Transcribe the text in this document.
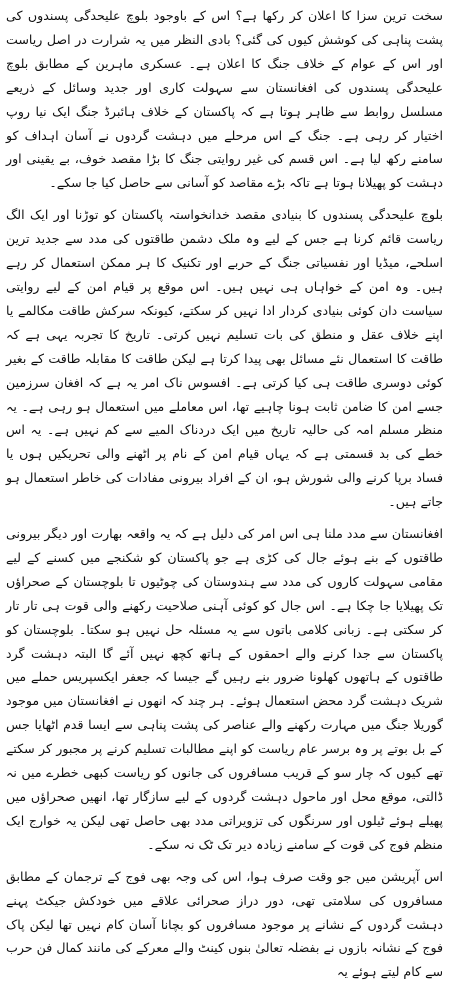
سخت ترین سزا کا اعلان کر رکھا ہے؟ اس کے باوجود بلوچ علیحدگی پسندوں کی پشت پناہی کی کوشش کیوں کی گئی؟ بادی النظر میں یہ شرارت در اصل ریاست اور اس کے عوام کے خلاف جنگ کا اعلان ہے۔ عسکری ماہرین کے مطابق بلوچ علیحدگی پسندوں کی افغانستان سے سہولت کاری اور جدید وسائل کے ذریعے مسلسل روابط سے ظاہر ہوتا ہے کہ پاکستان کے خلاف ہائبرڈ جنگ ایک نیا روپ اختیار کر رہی ہے۔ جنگ کے اس مرحلے میں دہشت گردوں نے آسان اہداف کو سامنے رکھ لیا ہے۔ اس قسم کی غیر روایتی جنگ کا بڑا مقصد خوف، بے یقینی اور دہشت کو پھیلانا ہوتا ہے تاکہ بڑے مقاصد کو آسانی سے حاصل کیا جا سکے۔

بلوچ علیحدگی پسندوں کا بنیادی مقصد خدانخواستہ پاکستان کو توڑنا اور ایک الگ ریاست قائم کرنا ہے جس کے لیے وہ ملک دشمن طاقتوں کی مدد سے جدید ترین اسلحے، میڈیا اور نفسیاتی جنگ کے حربے اور تکنیک کا ہر ممکن استعمال کر رہے ہیں۔ وہ امن کے خواہاں ہی نہیں ہیں۔ اس موقع پر قیام امن کے لیے روایتی سیاست دان کوئی بنیادی کردار ادا نہیں کر سکتے، کیونکہ سرکش طاقت مکالمے یا اپنے خلاف عقل و منطق کی بات تسلیم نہیں کرتی۔ تاریخ کا تجربہ یہی ہے کہ طاقت کا استعمال نئے مسائل بھی پیدا کرتا ہے لیکن طاقت کا مقابلہ طاقت کے بغیر کوئی دوسری طاقت ہی کیا کرتی ہے۔ افسوس ناک امر یہ ہے کہ افغان سرزمین جسے امن کا ضامن ثابت ہونا چاہیے تھا، اس معاملے میں استعمال ہو رہی ہے۔ یہ منظر مسلم امہ کی حالیہ تاریخ میں ایک دردناک المیے سے کم نہیں ہے۔ یہ اس خطے کی بد قسمتی ہے کہ یہاں قیام امن کے نام پر اٹھنے والی تحریکیں ہوں یا فساد برپا کرنے والی شورش ہو، ان کے افراد بیرونی مفادات کی خاطر استعمال ہو جاتے ہیں۔

افغانستان سے مدد ملنا ہی اس امر کی دلیل ہے کہ یہ واقعہ بھارت اور دیگر بیرونی طاقتوں کے بنے ہوئے جال کی کڑی ہے جو پاکستان کو شکنجے میں کسنے کے لیے مقامی سہولت کاروں کی مدد سے ہندوستان کی چوٹیوں تا بلوچستان کے صحراؤں تک پھیلایا جا چکا ہے۔ اس جال کو کوئی آہنی صلاحیت رکھنے والی قوت ہی تار تار کر سکتی ہے۔ زبانی کلامی باتوں سے یہ مسئلہ حل نہیں ہو سکتا۔ بلوچستان کو پاکستان سے جدا کرنے والے احمقوں کے ہاتھ کچھ نہیں آئے گا البتہ دہشت گرد طاقتوں کے ہاتھوں کھلونا ضرور بنے رہیں گے جیسا کہ جعفر ایکسپریس حملے میں شریک دہشت گرد محض استعمال ہوئے۔ ہر چند کہ انھوں نے افغانستان میں موجود گوریلا جنگ میں مہارت رکھنے والے عناصر کی پشت پناہی سے ایسا قدم اٹھایا جس کے بل بوتے پر وہ برسر عام ریاست کو اپنے مطالبات تسلیم کرنے پر مجبور کر سکتے تھے کیوں کہ چار سو کے قریب مسافروں کی جانوں کو ریاست کبھی خطرے میں نہ ڈالتی، موقع محل اور ماحول دہشت گردوں کے لیے سازگار تھا، انھیں صحراؤں میں پھیلے ہوئے ٹیلوں اور سرنگوں کی تزویراتی مدد بھی حاصل تھی لیکن یہ خوارج ایک منظم فوج کی قوت کے سامنے زیادہ دیر تک ٹک نہ سکے۔

اس آپریشن میں جو وقت صرف ہوا، اس کی وجہ بھی فوج کے ترجمان کے مطابق مسافروں کی سلامتی تھی، دور دراز صحرائی علاقے میں خودکش جیکٹ پہنے دہشت گردوں کے نشانے پر موجود مسافروں کو بچانا آسان کام نہیں تھا لیکن پاک فوج کے نشانہ بازوں نے بفضلہ تعالیٰ بنوں کینٹ والے معرکے کی مانند کمال فن حرب سے کام لیتے ہوئے یہ
